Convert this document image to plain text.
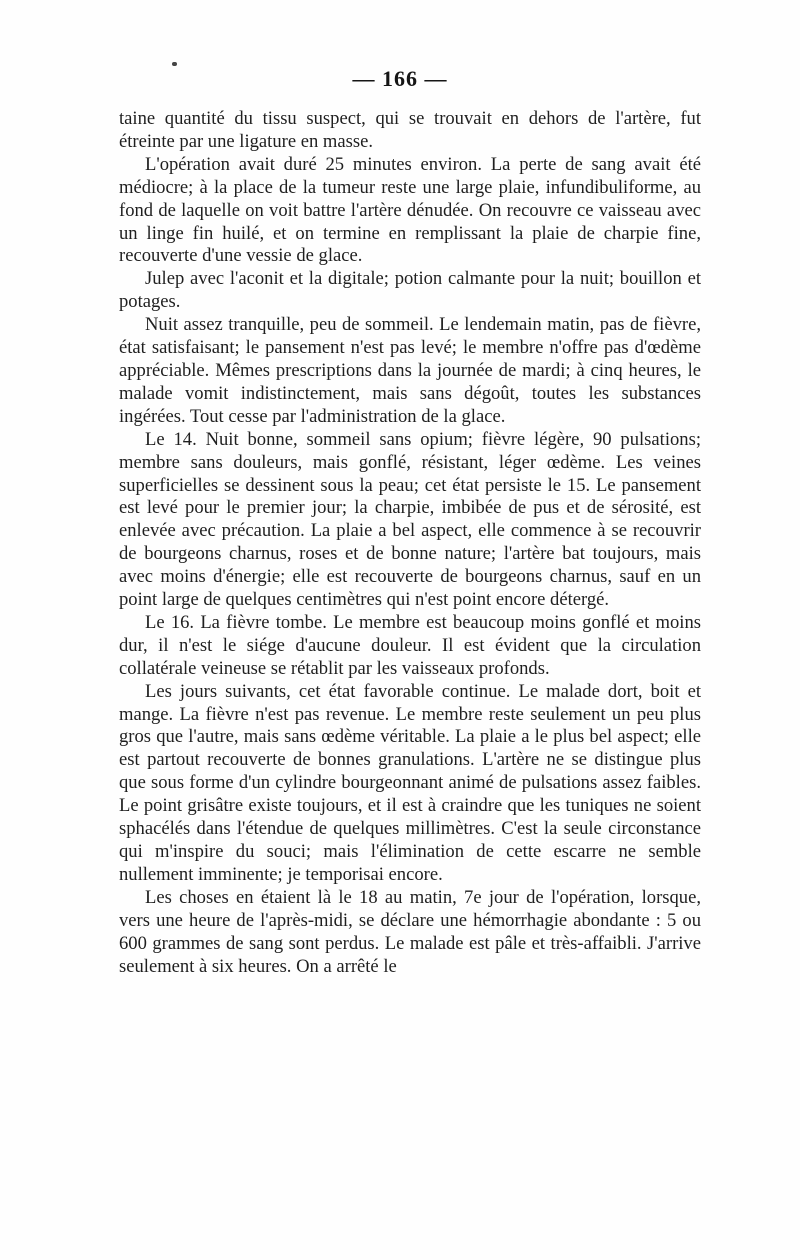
— 166 —

taine quantité du tissu suspect, qui se trouvait en dehors de l'artère, fut étreinte par une ligature en masse.

L'opération avait duré 25 minutes environ. La perte de sang avait été médiocre; à la place de la tumeur reste une large plaie, infundibuliforme, au fond de laquelle on voit battre l'artère dénudée. On recouvre ce vaisseau avec un linge fin huilé, et on termine en remplissant la plaie de charpie fine, recouverte d'une vessie de glace.

Julep avec l'aconit et la digitale; potion calmante pour la nuit; bouillon et potages.

Nuit assez tranquille, peu de sommeil. Le lendemain matin, pas de fièvre, état satisfaisant; le pansement n'est pas levé; le membre n'offre pas d'œdème appréciable. Mêmes prescriptions dans la journée de mardi; à cinq heures, le malade vomit indistinctement, mais sans dégoût, toutes les substances ingérées. Tout cesse par l'administration de la glace.

Le 14. Nuit bonne, sommeil sans opium; fièvre légère, 90 pulsations; membre sans douleurs, mais gonflé, résistant, léger œdème. Les veines superficielles se dessinent sous la peau; cet état persiste le 15. Le pansement est levé pour le premier jour; la charpie, imbibée de pus et de sérosité, est enlevée avec précaution. La plaie a bel aspect, elle commence à se recouvrir de bourgeons charnus, roses et de bonne nature; l'artère bat toujours, mais avec moins d'énergie; elle est recouverte de bourgeons charnus, sauf en un point large de quelques centimètres qui n'est point encore détergé.

Le 16. La fièvre tombe. Le membre est beaucoup moins gonflé et moins dur, il n'est le siége d'aucune douleur. Il est évident que la circulation collatérale veineuse se rétablit par les vaisseaux profonds.

Les jours suivants, cet état favorable continue. Le malade dort, boit et mange. La fièvre n'est pas revenue. Le membre reste seulement un peu plus gros que l'autre, mais sans œdème véritable. La plaie a le plus bel aspect; elle est partout recouverte de bonnes granulations. L'artère ne se distingue plus que sous forme d'un cylindre bourgeonnant animé de pulsations assez faibles. Le point grisâtre existe toujours, et il est à craindre que les tuniques ne soient sphacélés dans l'étendue de quelques millimètres. C'est la seule circonstance qui m'inspire du souci; mais l'élimination de cette escarre ne semble nullement imminente; je temporisai encore.

Les choses en étaient là le 18 au matin, 7e jour de l'opération, lorsque, vers une heure de l'après-midi, se déclare une hémorrhagie abondante : 5 ou 600 grammes de sang sont perdus. Le malade est pâle et très-affaibli. J'arrive seulement à six heures. On a arrêté le
